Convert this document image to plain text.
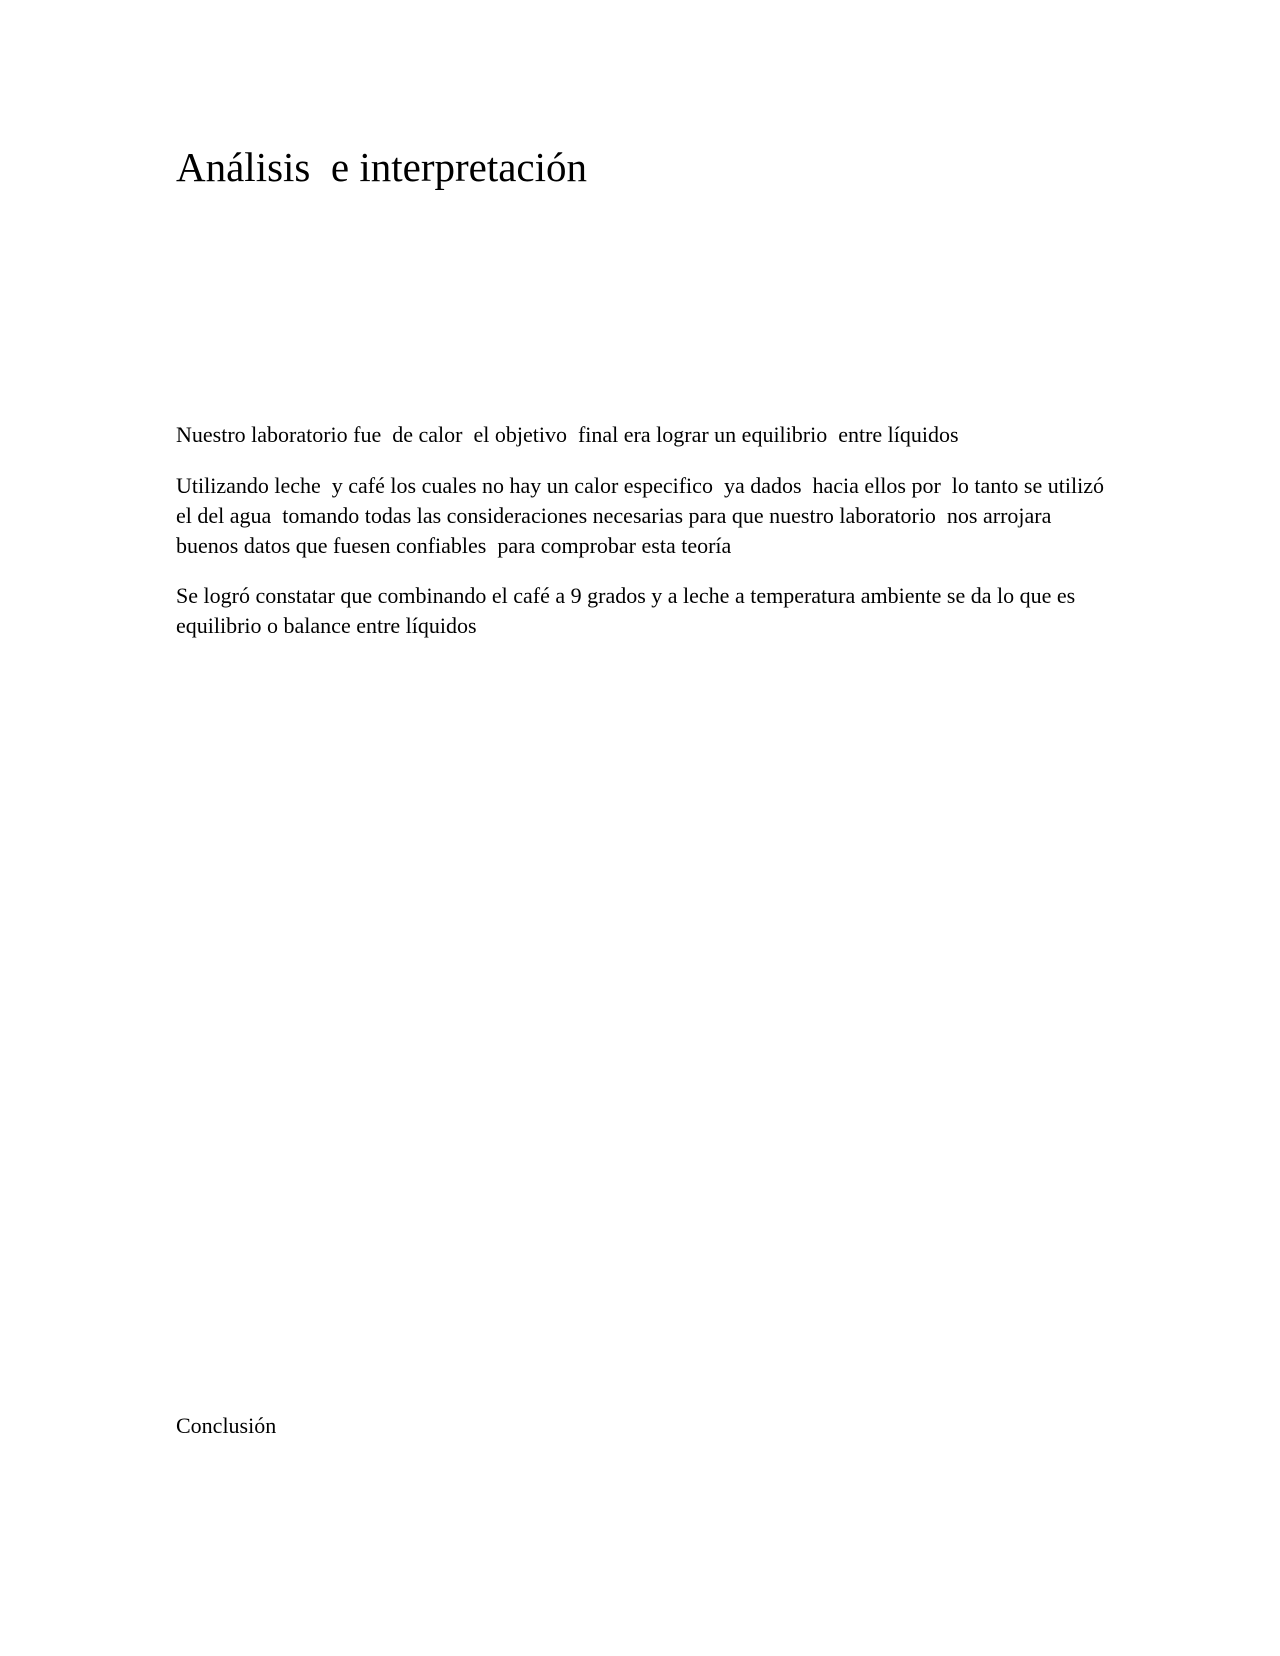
Análisis  e interpretación

Nuestro laboratorio fue  de calor  el objetivo  final era lograr un equilibrio  entre líquidos

Utilizando leche  y café los cuales no hay un calor especifico  ya dados  hacia ellos por  lo tanto se utilizó el del agua  tomando todas las consideraciones necesarias para que nuestro laboratorio  nos arrojara buenos datos que fuesen confiables  para comprobar esta teoría

Se logró constatar que combinando el café a 9 grados y a leche a temperatura ambiente se da lo que es equilibrio o balance entre líquidos

Conclusión
